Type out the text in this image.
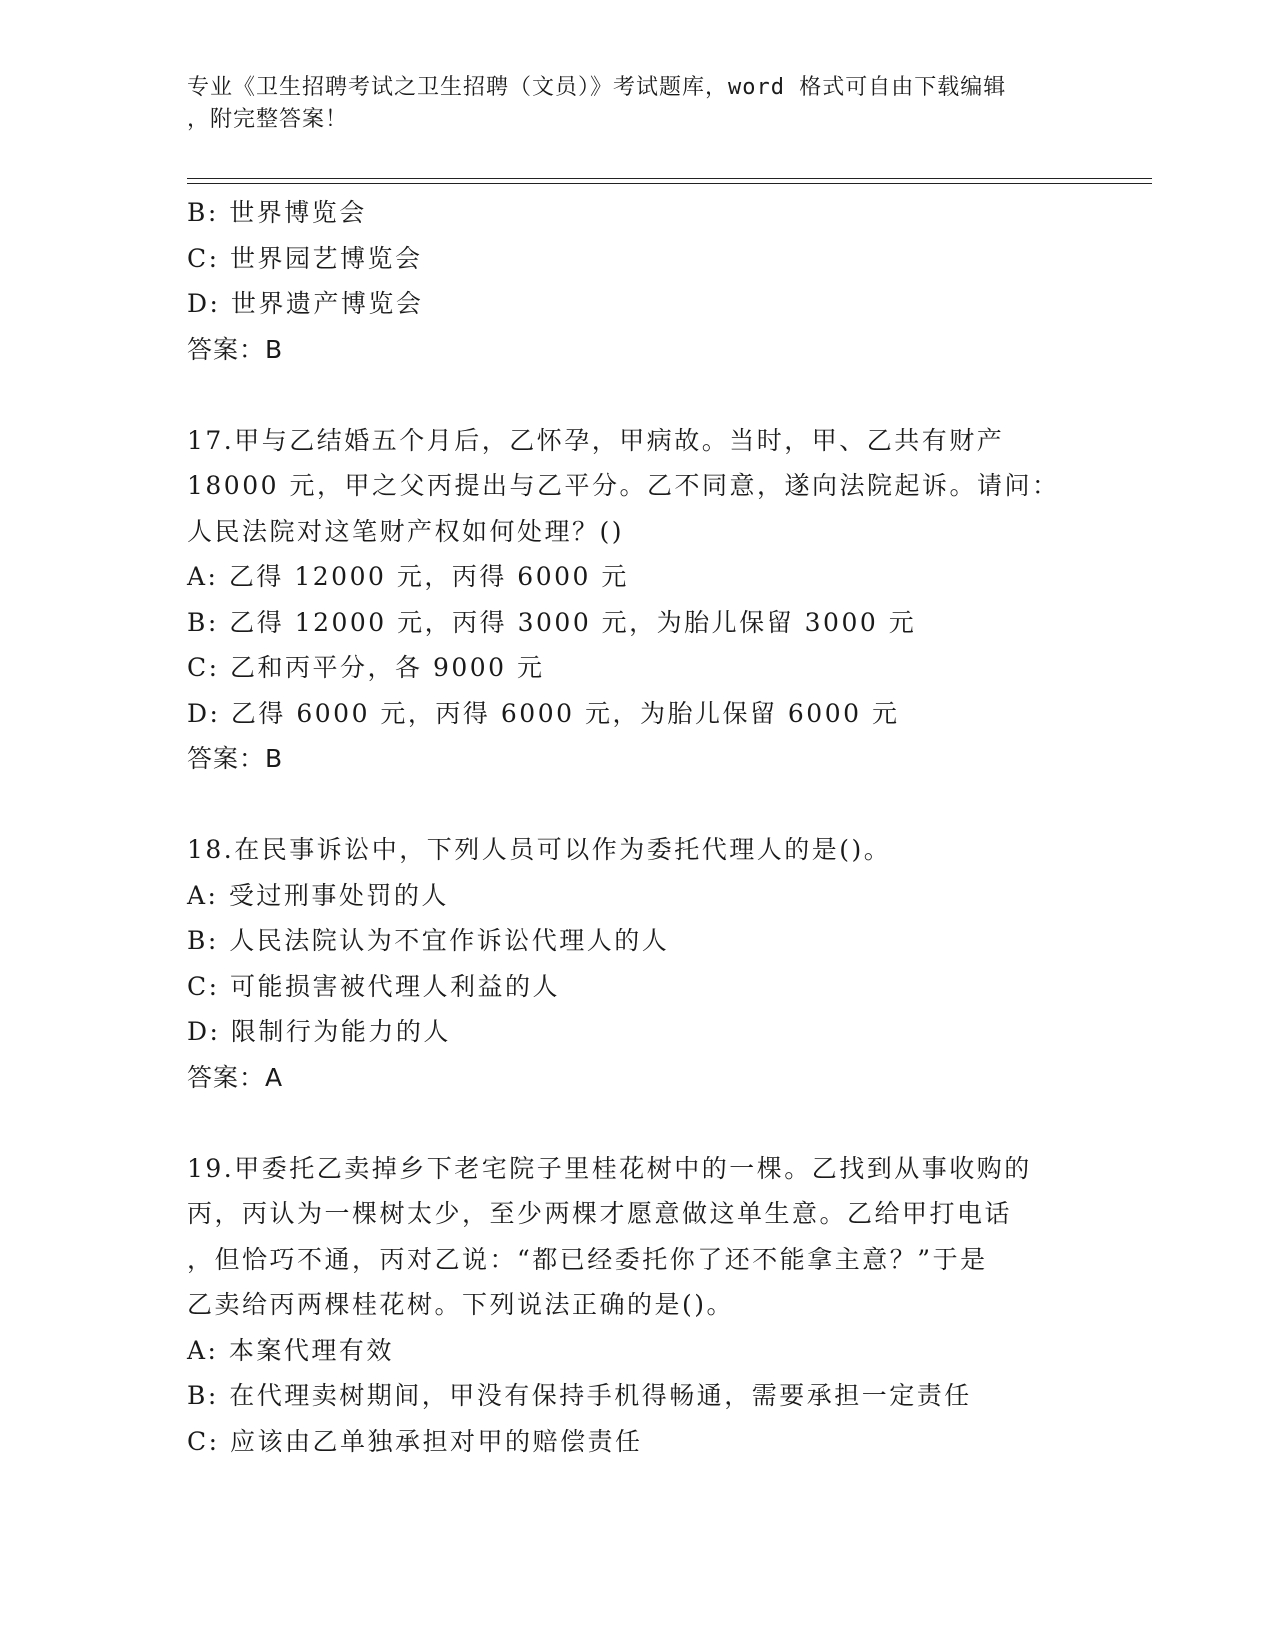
专业《卫生招聘考试之卫生招聘（文员）》考试题库，word 格式可自由下载编辑
，附完整答案！
B: 世界博览会
C: 世界园艺博览会
D: 世界遗产博览会
答案：B
17.甲与乙结婚五个月后，乙怀孕，甲病故。当时，甲、乙共有财产
18000 元，甲之父丙提出与乙平分。乙不同意，遂向法院起诉。请问：
人民法院对这笔财产权如何处理？()
A: 乙得 12000 元，丙得 6000 元
B: 乙得 12000 元，丙得 3000 元，为胎儿保留 3000 元
C: 乙和丙平分，各 9000 元
D: 乙得 6000 元，丙得 6000 元，为胎儿保留 6000 元
答案：B
18.在民事诉讼中，下列人员可以作为委托代理人的是()。
A: 受过刑事处罚的人
B: 人民法院认为不宜作诉讼代理人的人
C: 可能损害被代理人利益的人
D: 限制行为能力的人
答案：A
19.甲委托乙卖掉乡下老宅院子里桂花树中的一棵。乙找到从事收购的
丙，丙认为一棵树太少，至少两棵才愿意做这单生意。乙给甲打电话
，但恰巧不通，丙对乙说：“都已经委托你了还不能拿主意？”于是
乙卖给丙两棵桂花树。下列说法正确的是()。
A: 本案代理有效
B: 在代理卖树期间，甲没有保持手机得畅通，需要承担一定责任
C: 应该由乙单独承担对甲的赔偿责任
